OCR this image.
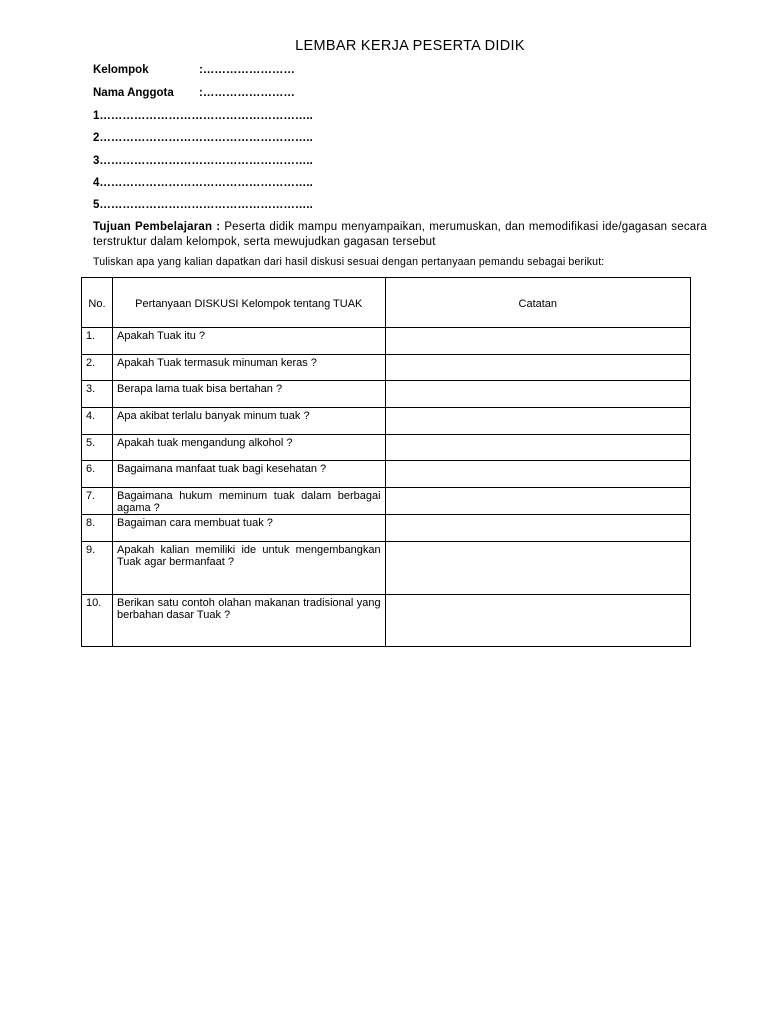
LEMBAR KERJA PESERTA DIDIK
Kelompok	:……………………
Nama Anggota :……………………
1………………………………………………..
2………………………………………………..
3………………………………………………..
4………………………………………………..
5………………………………………………..
Tujuan Pembelajaran : Peserta didik mampu menyampaikan, merumuskan, dan memodifikasi ide/gagasan secara terstruktur dalam kelompok, serta mewujudkan gagasan tersebut
Tuliskan apa yang kalian dapatkan dari hasil diskusi sesuai dengan pertanyaan pemandu sebagai berikut:
No.	Pertanyaan DISKUSI Kelompok tentang TUAK	Catatan
1.	Apakah Tuak itu ?	
2.	Apakah Tuak termasuk minuman keras ?	
3.	Berapa lama tuak bisa bertahan ?	
4.	Apa akibat terlalu banyak minum tuak ?	
5.	Apakah tuak mengandung alkohol ?	
6.	Bagaimana manfaat tuak bagi kesehatan ?	
7.	Bagaimana hukum meminum tuak dalam berbagai agama ?	
8.	Bagaiman cara membuat tuak ?	
9.	Apakah kalian memiliki ide untuk mengembangkan Tuak agar bermanfaat ?	
10.	Berikan satu contoh olahan makanan tradisional yang berbahan dasar Tuak ?	
